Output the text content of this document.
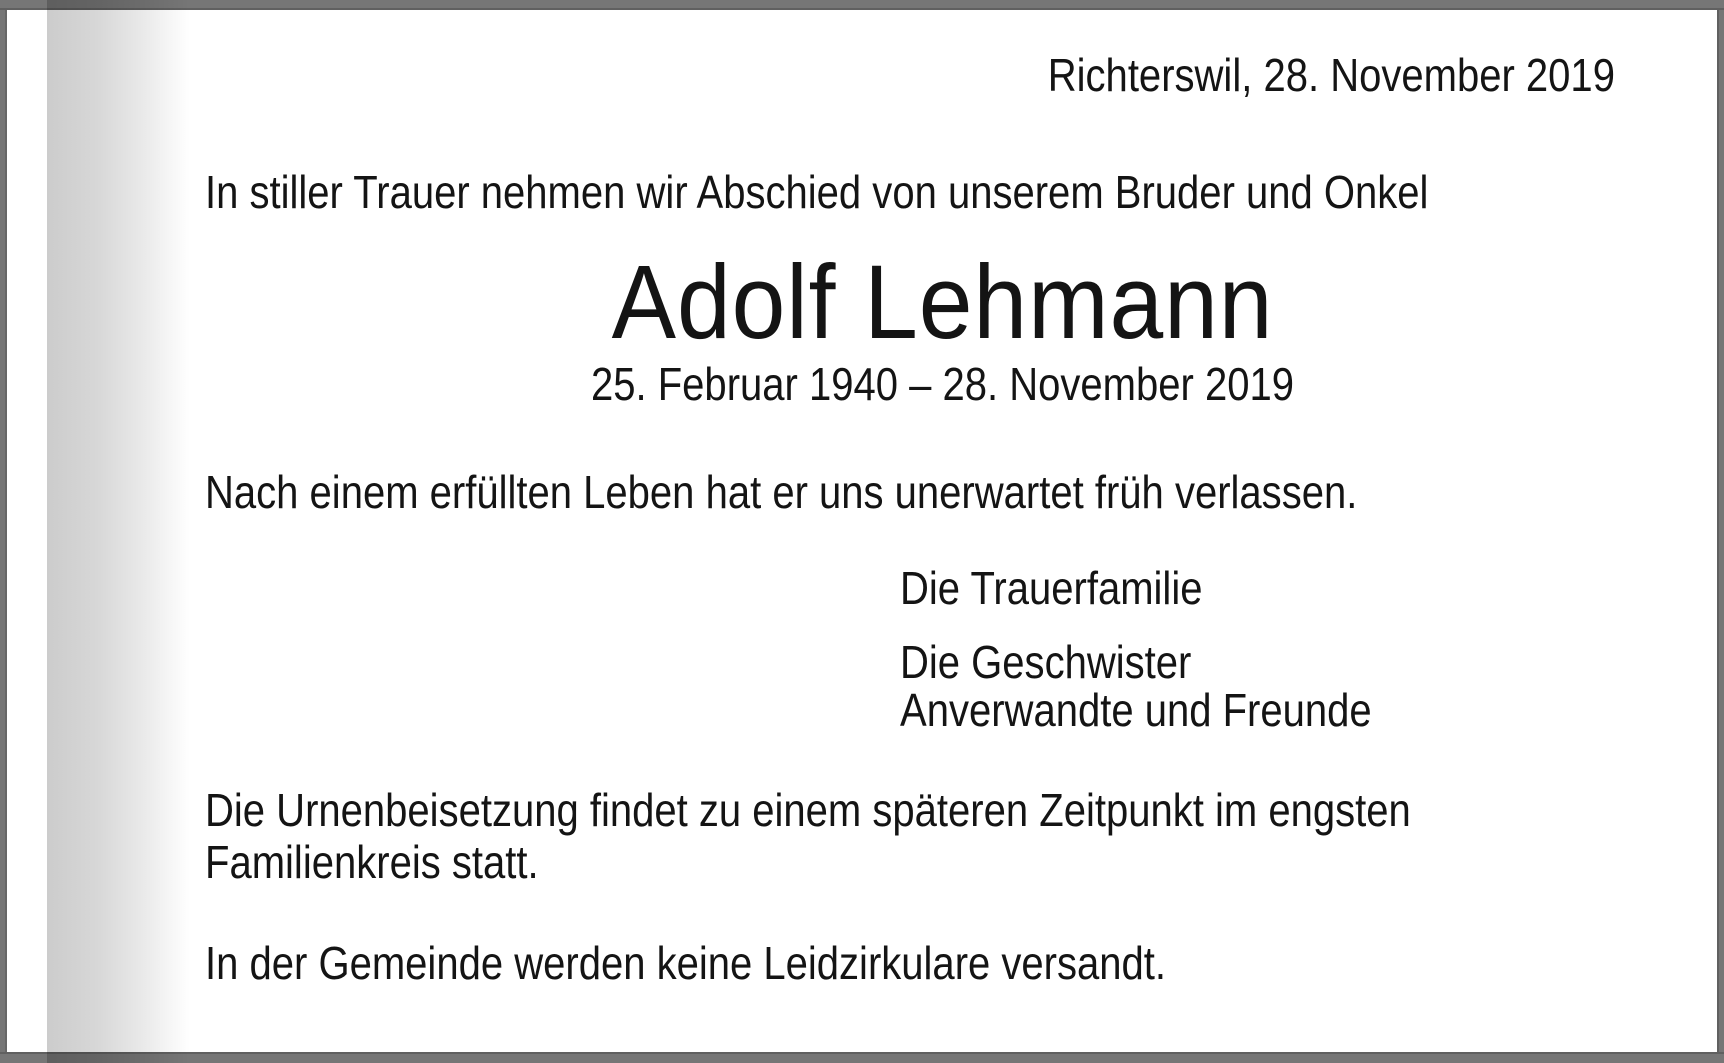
Richterswil, 28. November 2019
In stiller Trauer nehmen wir Abschied von unserem Bruder und Onkel
Adolf Lehmann
25. Februar 1940 – 28. November 2019
Nach einem erfüllten Leben hat er uns unerwartet früh verlassen.
Die Trauerfamilie
Die Geschwister
Anverwandte und Freunde
Die Urnenbeisetzung findet zu einem späteren Zeitpunkt im engsten Familienkreis statt.
In der Gemeinde werden keine Leidzirkulare versandt.
